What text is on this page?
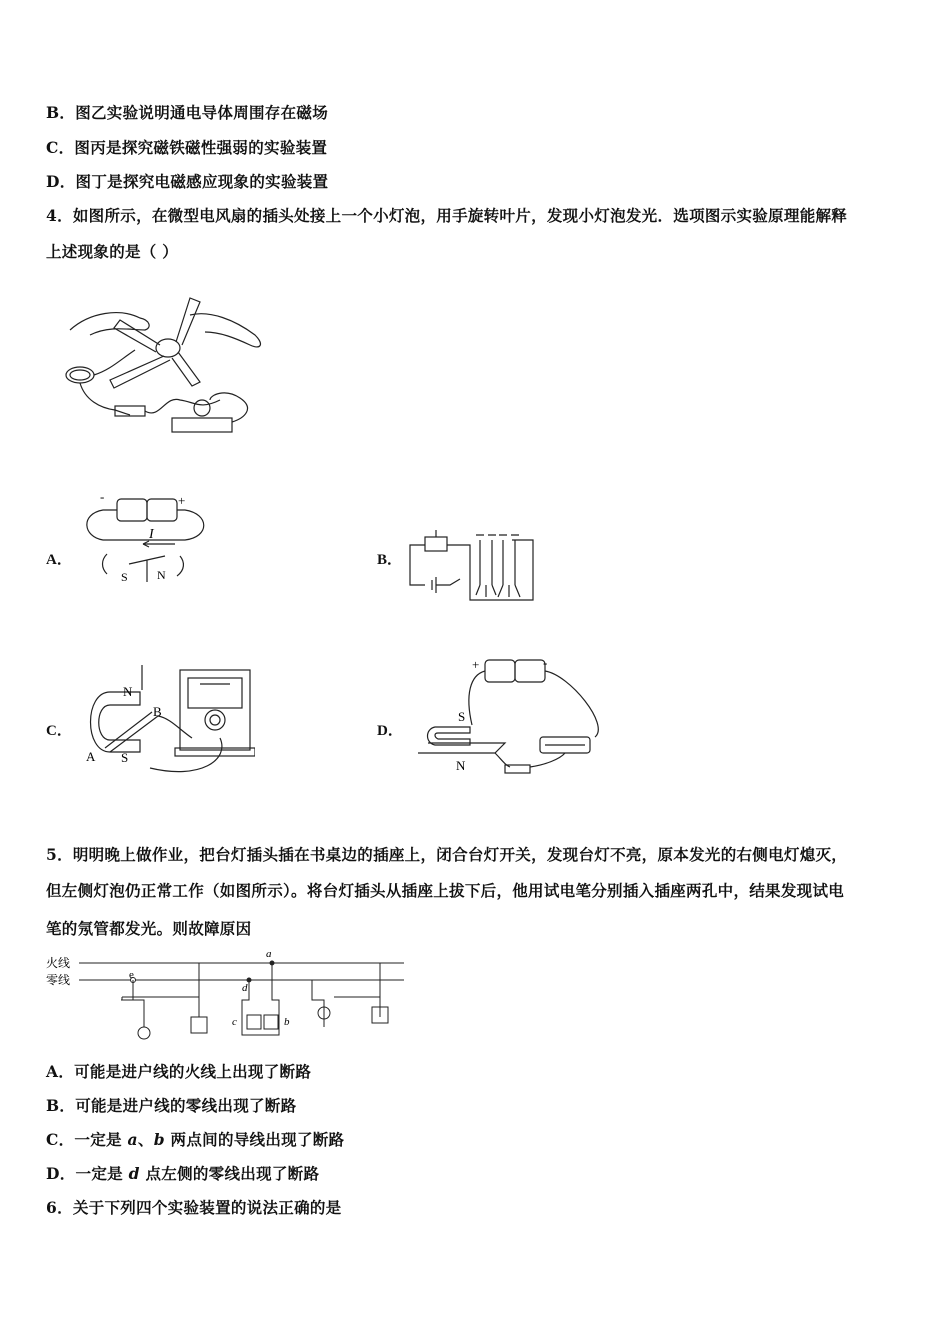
B．图乙实验说明通电导体周围存在磁场
C．图丙是探究磁铁磁性强弱的实验装置
D．图丁是探究电磁感应现象的实验装置
4．如图所示，在微型电风扇的插头处接上一个小灯泡，用手旋转叶片，发现小灯泡发光．选项图示实验原理能解释
上述现象的是（ ）
A．
-	+
I
S N
B．
C．
N
B
A S
D．
+	-
S
N
5．明明晚上做作业，把台灯插头插在书桌边的插座上，闭合台灯开关，发现台灯不亮，原本发光的右侧电灯熄灭，
但左侧灯泡仍正常工作（如图所示）。将台灯插头从插座上拔下后，他用试电笔分别插入插座两孔中，结果发现试电
笔的氖管都发光。则故障原因
火线
零线
a
b
c
d
e
A．可能是进户线的火线上出现了断路
B．可能是进户线的零线出现了断路
C．一定是 a、b 两点间的导线出现了断路
D．一定是 d 点左侧的零线出现了断路
6．关于下列四个实验装置的说法正确的是
